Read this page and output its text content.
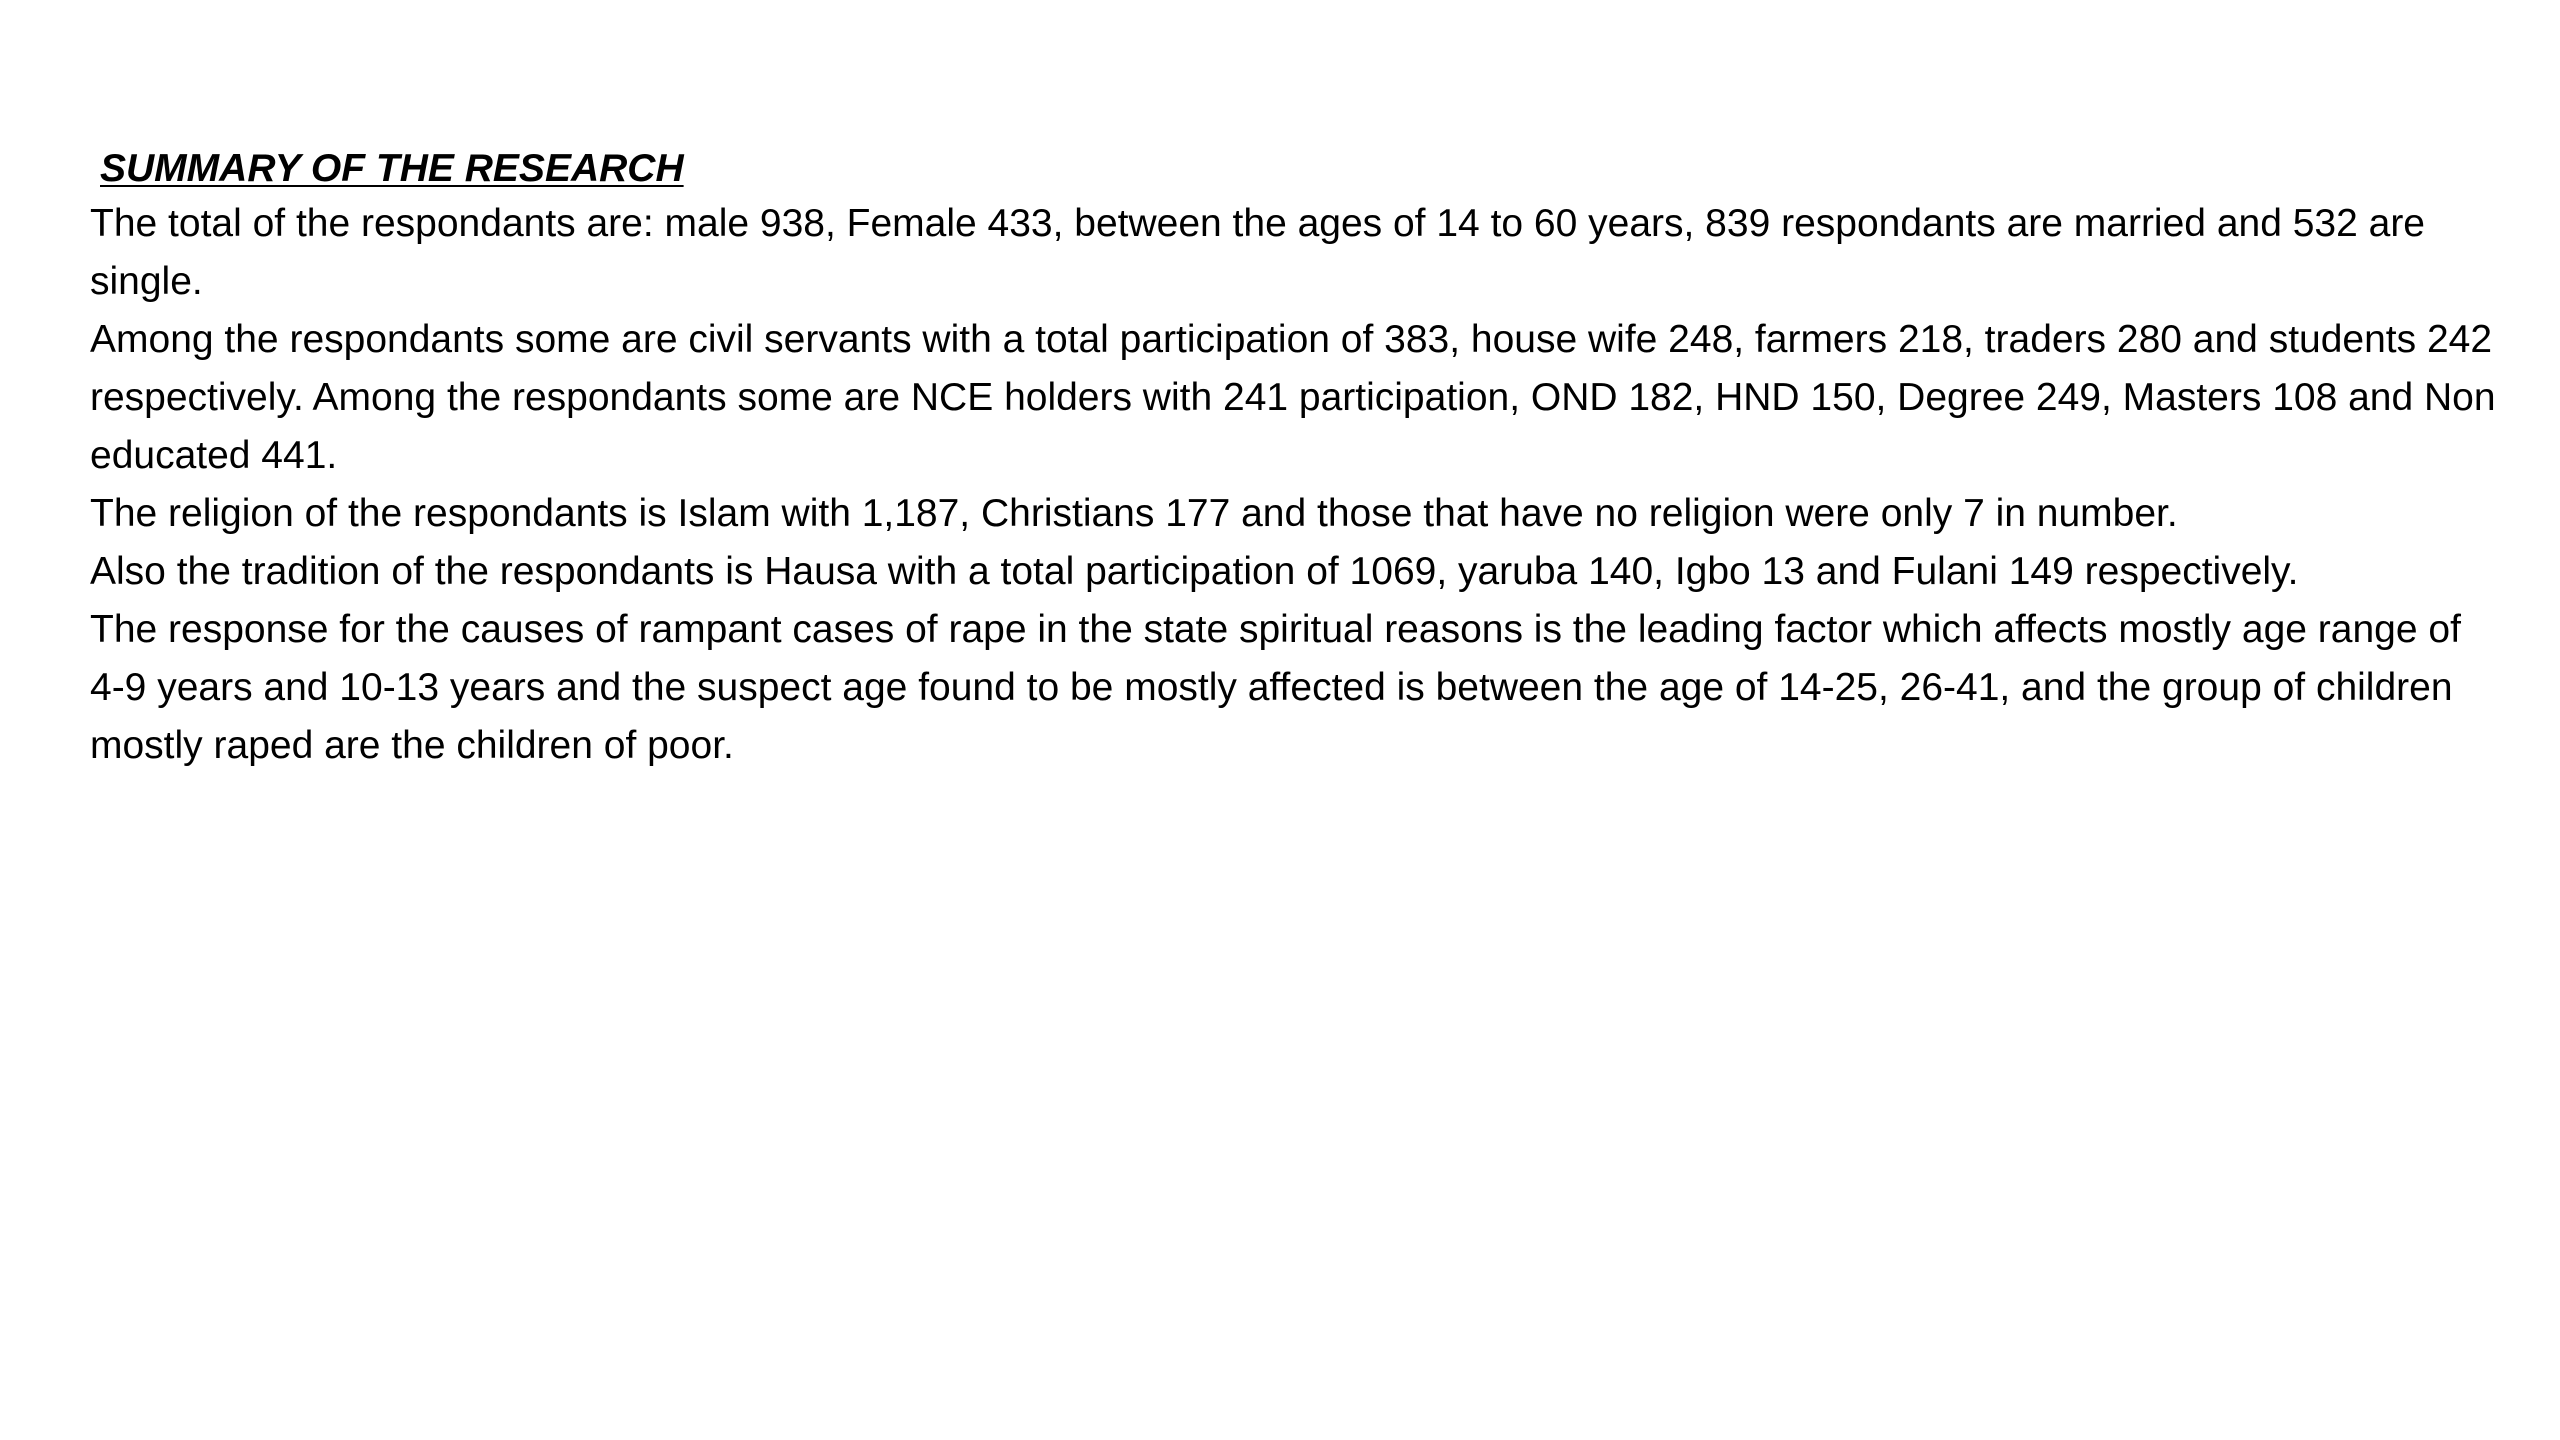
SUMMARY OF THE RESEARCH

The total of the respondants are: male 938, Female 433, between the ages of 14 to 60 years, 839 respondants are married and 532 are single.

Among the respondants some are civil servants with a total participation of 383, house wife 248, farmers 218, traders 280 and students 242 respectively. Among the respondants some are NCE holders with 241 participation, OND 182, HND 150, Degree 249, Masters 108 and Non educated 441.

The religion of the respondants is Islam with 1,187, Christians 177 and those that have no religion were only 7 in number.

Also the tradition of the respondants is Hausa with a total participation of 1069, yaruba 140, Igbo 13 and Fulani 149 respectively.

The response for the causes of rampant cases of rape in the state spiritual reasons is the leading factor which affects mostly age range of 4-9 years and 10-13 years and the suspect age found to be mostly affected is between the age of 14-25, 26-41, and the group of children mostly raped are the children of poor.
